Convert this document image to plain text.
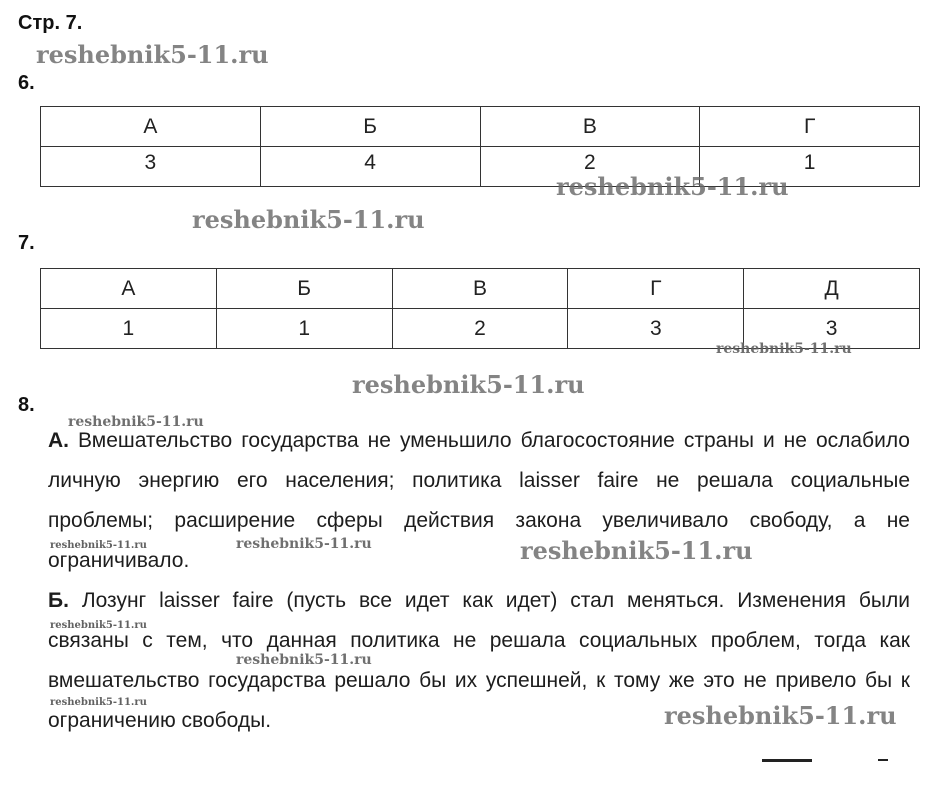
Стр. 7.
reshebnik5-11.ru
6.
А	Б	В	Г
3	4	2	1
reshebnik5-11.ru
reshebnik5-11.ru
7.
А	Б	В	Г	Д
1	1	2	3	3
reshebnik5-11.ru
reshebnik5-11.ru
8.
reshebnik5-11.ru
А. Вмешательство государства не уменьшило благосостояние страны и не ослабило личную энергию его населения; политика laisser faire не решала социальные проблемы; расширение сферы действия закона увеличивало свободу, а не ограничивало.
reshebnik5-11.ru	reshebnik5-11.ru	reshebnik5-11.ru
Б. Лозунг laisser faire (пусть все идет как идет) стал меняться. Изменения были связаны с тем, что данная политика не решала социальных проблем, тогда как вмешательство государства решало бы их успешней, к тому же это не привело бы к ограничению свободы.
reshebnik5-11.ru
reshebnik5-11.ru
reshebnik5-11.ru	reshebnik5-11.ru
